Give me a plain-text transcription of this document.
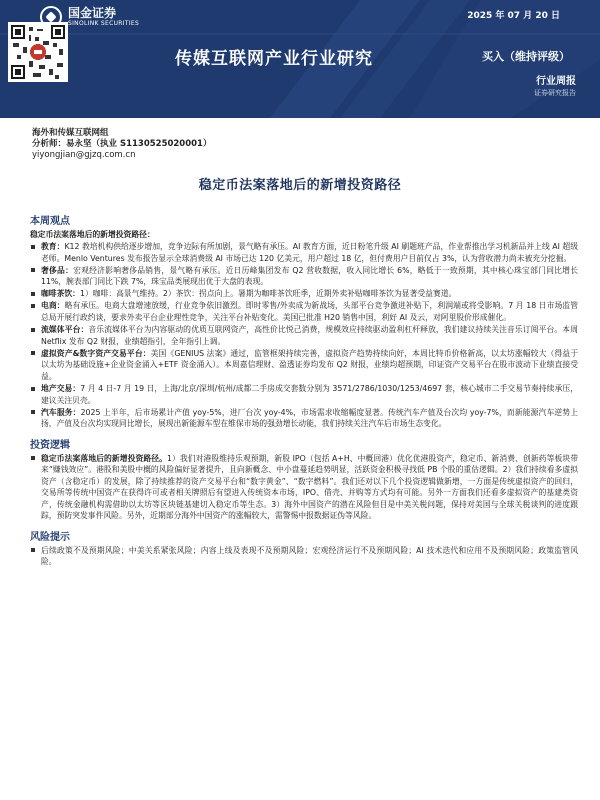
国金证券
SINOLINK SECURITIES
2025 年 07 月 20 日
传媒互联网产业行业研究	买入（维持评级）
行业周报
证券研究报告
海外和传媒互联网组
分析师：易永坚（执业 S1130525020001）
yiyongjian@gjzq.com.cn
稳定币法案落地后的新增投资路径
本周观点
稳定币法案落地后的新增投资路径：

教育：K12 教培机构供给逐步增加，竞争边际有所加剧，景气略有承压。AI 教育方面，近日粉笔升级 AI 刷题班产品，作业帮推出学习机新品并上线 AI 超级老师。Menlo Ventures 发布报告显示全球消费级 AI 市场已达 120 亿美元，用户超过 18 亿，但付费用户目前仅占 3%，认为营收潜力尚未被充分挖掘。

奢侈品：宏观经济影响奢侈品销售，景气略有承压。近日历峰集团发布 Q2 营收数据，收入同比增长 6%，略低于一致预期，其中核心珠宝部门同比增长 11%，腕表部门同比下跌 7%，珠宝品类展现出优于大盘的表现。

咖啡茶饮：1）咖啡：高景气维持。2）茶饮：拐点向上。暑期为咖啡茶饮旺季，近期外卖补贴咖啡茶饮为显著受益赛道。

电商：略有承压。电商大盘增速放缓，行业竞争依旧激烈。即时零售/外卖成为新战场，头部平台竞争激进补贴下，利润端或将受影响。7 月 18 日市场监管总局开展行政约谈，要求外卖平台企业理性竞争，关注平台补贴变化。美国已批准 H20 销售中国，利好 AI 及云，对阿里股价形成催化。

流媒体平台：音乐流媒体平台为内容驱动的优质互联网资产，高性价比悦己消费，规模效应持续驱动盈利杠杆释放，我们建议持续关注音乐订阅平台。本周 Netflix 发布 Q2 财报，业绩超指引，全年指引上调。

虚拟资产&数字资产交易平台：美国《GENIUS 法案》通过，监管框架持续完善，虚拟资产趋势持续向好，本周比特币价格新高，以太坊涨幅较大（得益于以太坊为基础设施+企业资金涌入+ETF 资金涌入）。本周嘉信理财、盈透证券均发布 Q2 财报，业绩均超预期，印证资产交易平台在股市波动下业绩直接受益。

地产交易：7 月 4 日-7 月 19 日，上海/北京/深圳/杭州/成都二手房成交套数分别为 3571/2786/1030/1253/4697 套，核心城市二手交易节奏持续承压，建议关注贝壳。

汽车服务：2025 上半年，后市场累计产值 yoy-5%，进厂台次 yoy-4%，市场需求收缩幅度显著。传统汽车产值及台次均 yoy-7%，而新能源汽车逆势上扬，产值及台次均实现同比增长，展现出新能源车型在维保市场的强劲增长动能，我们持续关注汽车后市场生态变化。

投资逻辑

稳定币法案落地后的新增投资路径。1）我们对港股维持乐观预期，新股 IPO（包括 A+H、中概回港）优化优港股资产，稳定币、新消费、创新药等板块带来“赚钱效应”。港股和美股中概的风险偏好显著提升，且向新概念、中小盘蔓延趋势明显，活跃资金积极寻找低 PB 个股的重估逻辑。2）我们持续看多虚拟资产（含稳定币）的发展，除了持续推荐的资产交易平台和“数字黄金”、“数字燃料”。我们还对以下几个投资逻辑做新增，一方面是传统虚拟资产的回归，交易所等传统中国资产在获得许可或者相关牌照后有望进入传统资本市场，IPO、借壳、并购等方式均有可能。另外一方面我们还看多虚拟资产的基建类资产，传统金融机构需借助以太坊等区块链基建切入稳定币等生态。3）海外中国资产的潜在风险但目是中美关税问题，保持对美国与全球关税谈判的进度跟踪，预防突发事件风险。另外，近期部分海外中国资产的涨幅较大，需警惕中报数据证伪等风险。

风险提示

后续政策不及预期风险；中美关系紧张风险；内容上线及表现不及预期风险；宏观经济运行不及预期风险；AI 技术迭代和应用不及预期风险；政策监管风险。
